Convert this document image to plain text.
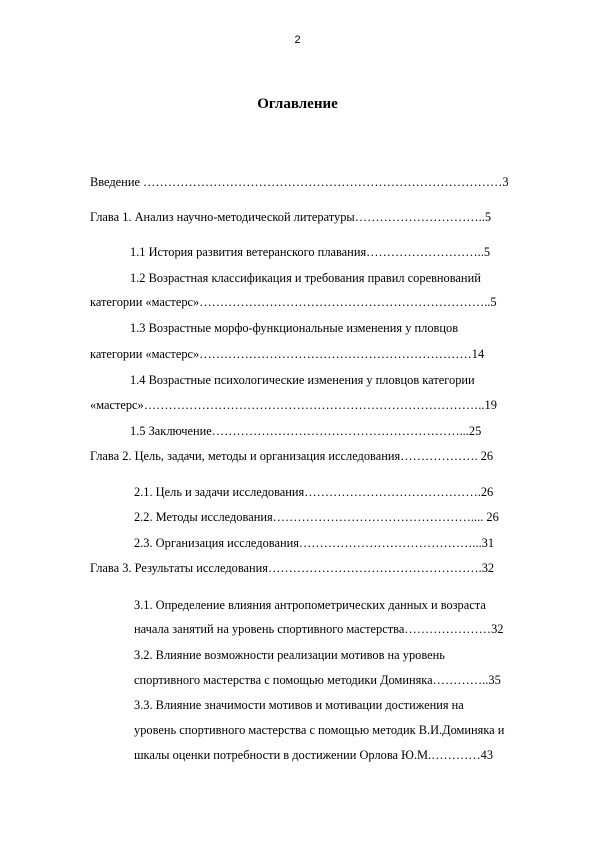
2
Оглавление
Введение ……………………………………………………………………………3
Глава 1. Анализ научно-методической литературы…………………………..5
1.1 История развития ветеранского плавания………………………..5
1.2 Возрастная классификация и требования правил соревнований
категории «мастерс»……………………………………………………………..5
1.3 Возрастные морфо-функциональные изменения у пловцов
категории «мастерс»…………………………………………………………14
1.4 Возрастные психологические изменения у пловцов категории
«мастерс»………………………………………………………………………..19
1.5 Заключение……………………………………………………...25
Глава 2. Цель, задачи, методы и организация исследования………………. 26
2.1. Цель и задачи исследования…………………………………….26
2.2. Методы исследования………………………………………….... 26
2.3. Организация исследования……………………………………...31
Глава 3. Результаты исследования…………………………………………….32
3.1. Определение влияния антропометрических данных и возраста
начала занятий на уровень спортивного мастерства…………………32
3.2. Влияние возможности реализации мотивов на уровень
спортивного мастерства с помощью методики Доминяка…………..35
3.3. Влияние значимости мотивов и мотивации достижения на
уровень спортивного мастерства с помощью методик В.И.Доминяка и
шкалы оценки потребности в достижении Орлова Ю.М.…………43
